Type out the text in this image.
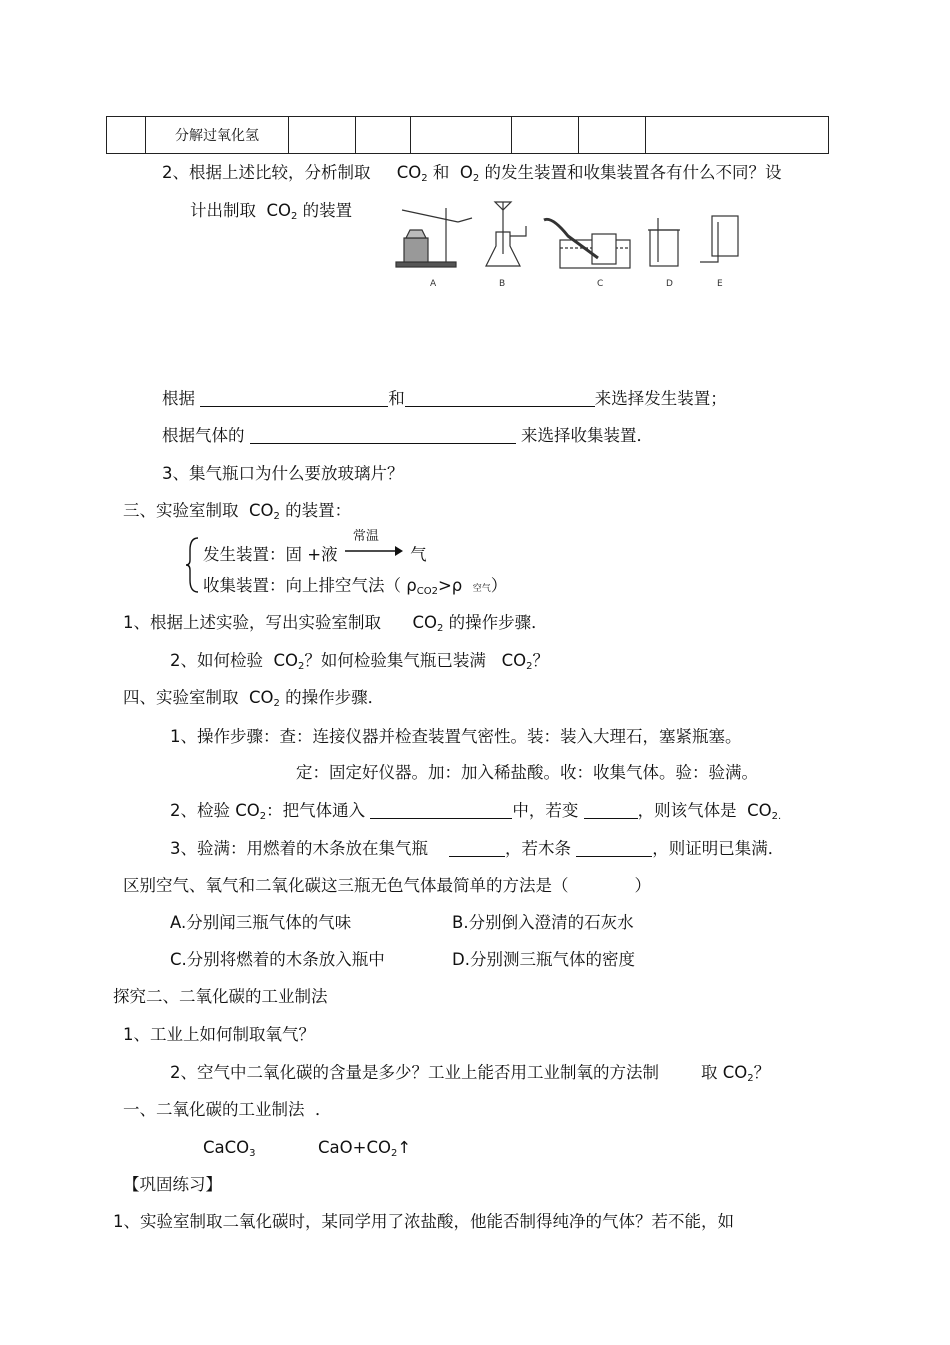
	分解过氧化氢						
2、根据上述比较，分析制取 CO2 和 O2 的发生装置和收集装置各有什么不同？设
计出制取 CO2 的装置
A	B	C	D	E
根据	和	来选择发生装置；
根据气体的	来选择收集装置．
3、集气瓶口为什么要放玻璃片？
三、实验室制取 CO2 的装置：
发生装置：固 +液
常温
气
收集装置：向上排空气法（ ρCO2>ρ 空气）
1、根据上述实验，写出实验室制取 CO2 的操作步骤．
2、如何检验 CO2？如何检验集气瓶已装满 CO2？
四、实验室制取 CO2 的操作步骤．
1、操作步骤：查：连接仪器并检查装置气密性。装：装入大理石，塞紧瓶塞。
定：固定好仪器。加：加入稀盐酸。收：收集气体。验：验满。
2、检验 CO2：把气体通入	中，若变	，则该气体是 CO2.
3、验满：用燃着的木条放在集气瓶	，若木条	，则证明已集满．
区别空气、氧气和二氧化碳这三瓶无色气体最简单的方法是（	）
A.分别闻三瓶气体的气味	B.分别倒入澄清的石灰水
C.分别将燃着的木条放入瓶中	D.分别测三瓶气体的密度
探究二、二氧化碳的工业制法
1、工业上如何制取氧气？
2、空气中二氧化碳的含量是多少？工业上能否用工业制氧的方法制	取 CO2？
一、二氧化碳的工业制法 ．
CaCO3	CaO+CO2↑
【巩固练习】
1、实验室制取二氧化碳时，某同学用了浓盐酸，他能否制得纯净的气体？若不能，如
